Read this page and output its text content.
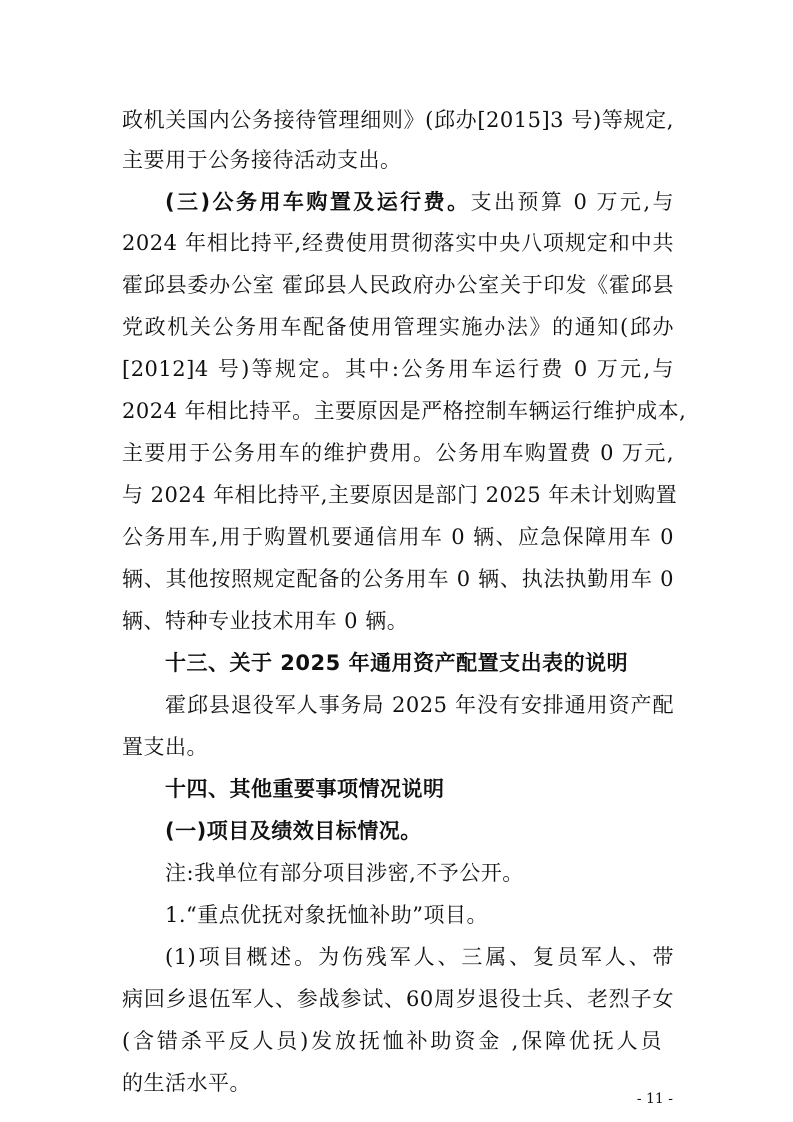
政机关国内公务接待管理细则》(邱办[2015]3 号)等规定,
主要用于公务接待活动支出。
(三)公务用车购置及运行费。支出预算 0 万元,与
2024 年相比持平,经费使用贯彻落实中央八项规定和中共
霍邱县委办公室 霍邱县人民政府办公室关于印发《霍邱县
党政机关公务用车配备使用管理实施办法》的通知(邱办
[2012]4 号)等规定。其中:公务用车运行费 0 万元,与
2024 年相比持平。主要原因是严格控制车辆运行维护成本,
主要用于公务用车的维护费用。公务用车购置费 0 万元,
与 2024 年相比持平,主要原因是部门 2025 年未计划购置
公务用车,用于购置机要通信用车 0 辆、应急保障用车 0
辆、其他按照规定配备的公务用车 0 辆、执法执勤用车 0
辆、特种专业技术用车 0 辆。
十三、关于 2025 年通用资产配置支出表的说明
霍邱县退役军人事务局 2025 年没有安排通用资产配
置支出。
十四、其他重要事项情况说明
(一)项目及绩效目标情况。
注:我单位有部分项目涉密,不予公开。
1.“重点优抚对象抚恤补助”项目。
(1)项目概述。为伤残军人、三属、复员军人、带
病回乡退伍军人、参战参试、60周岁退役士兵、老烈子女
(含错杀平反人员)发放抚恤补助资金 ,保障优抚人员
的生活水平。
- 11 -
